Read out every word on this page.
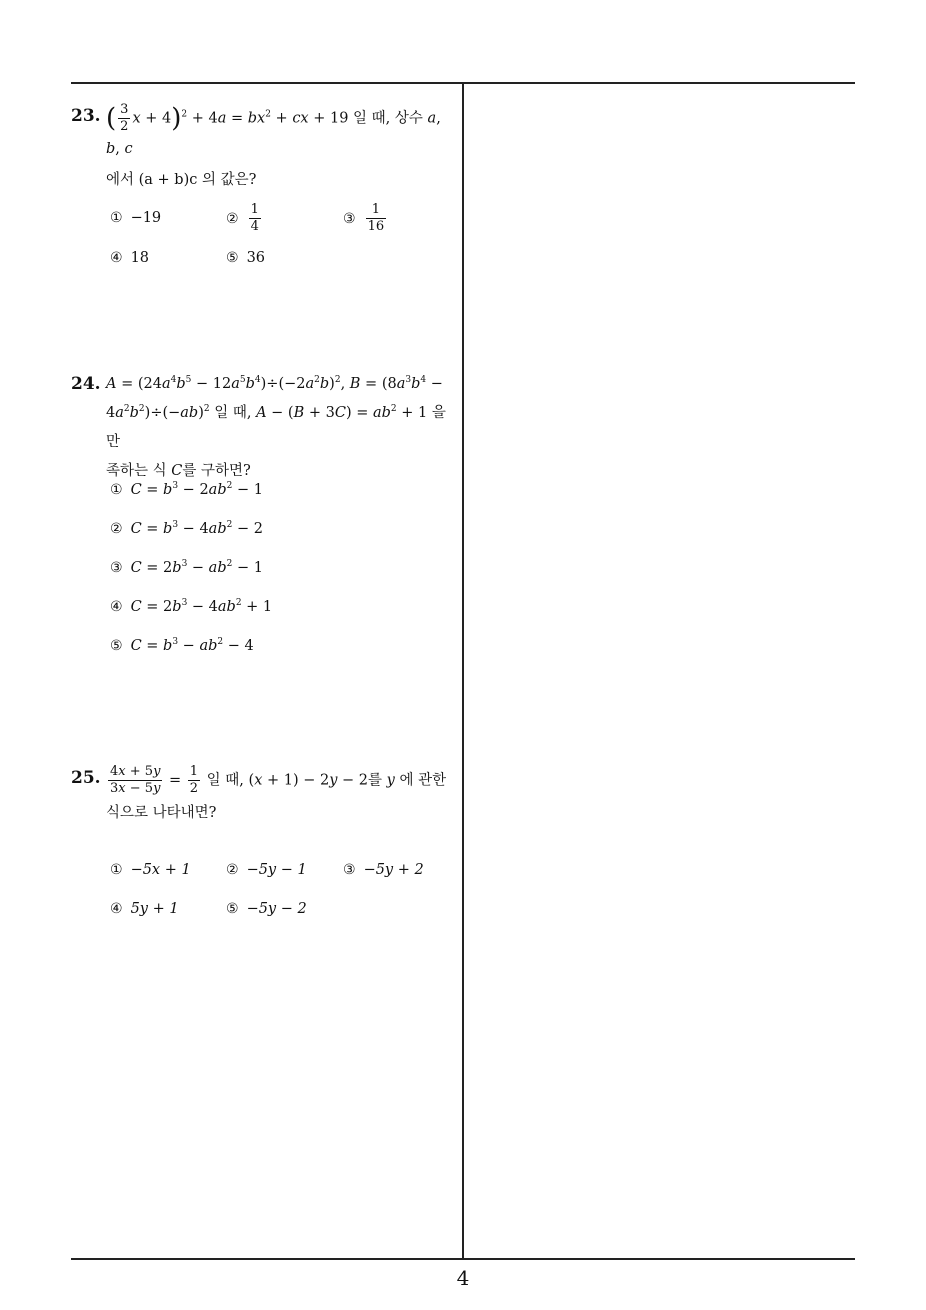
23. ( $\frac{3}{2}$ $x + 4)^2 + 4a = bx^2$ + cx + 19 일 때, 상수 a, b, c
에서 (a + b)c 의 값은?
① −19	② $\frac{1}{4}$	③ $\frac{1}{16}$
④ 18	⑤ 36
24. $A = (24a^4b^5 - 12a^5b^4)\div(-2a^2b)^2$, $B = (8a^3b^4$ −
$4a^2b^2)\div(-ab)^2$ 일 때, $A - (B + 3C) = ab^2 + 1$ 을 만
족하는 식 C를 구하면?
① $C = b^3 - 2ab^2 - 1$
② $C = b^3 - 4ab^2 - 2$
③ $C = 2b^3 - ab^2 - 1$
④ $C = 2b^3 - 4ab^2 + 1$
⑤ $C = b^3 - ab^2 - 4$
25. $\frac{4x + 5y}{3x - 5y} = \frac{1}{2}$ 일 때, (x + 1) − 2y − 2를 y 에 관한
식으로 나타내면?
① −5x + 1	② −5y − 1	③ −5y + 2
④ 5y + 1	⑤ −5y − 2
4
